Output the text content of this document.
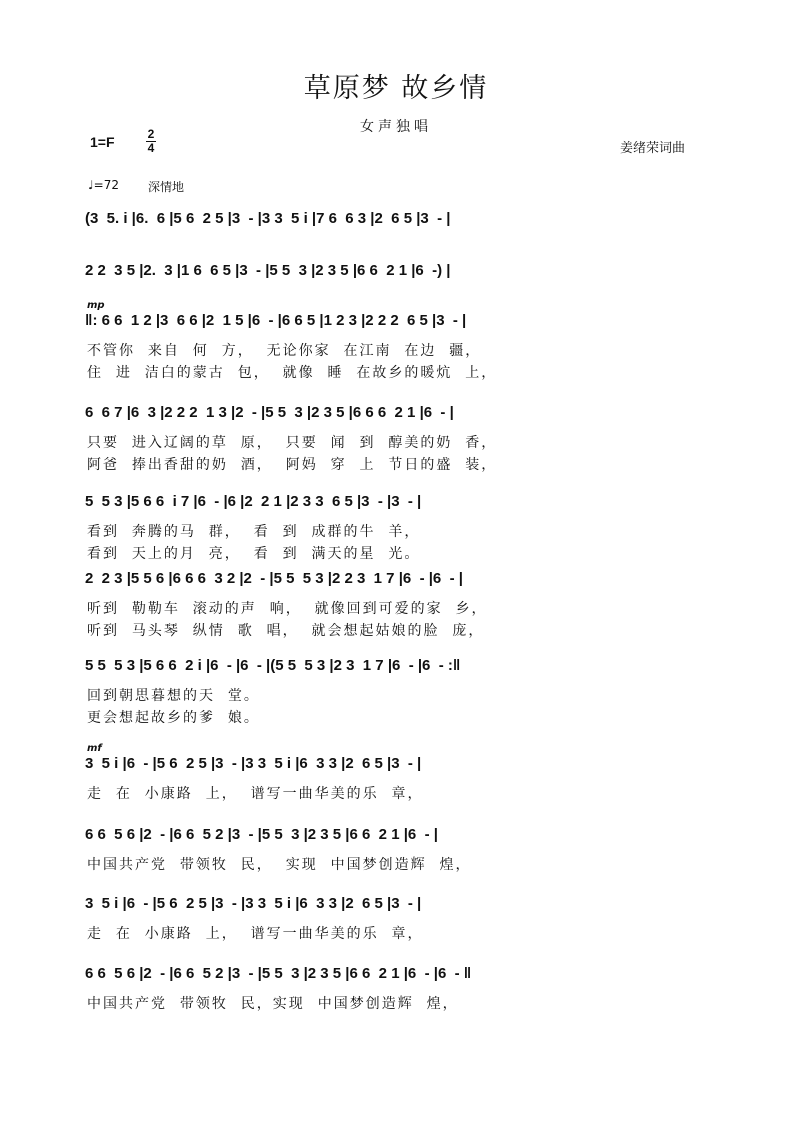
草原梦 故乡情
女声独唱
1=F	2
4	姜绪荣词曲
♩=72 深情地
(3  5. i |6.  6 |5 6  2 5 |3  - |3 3  5 i |7 6  6 3 |2  6 5 |3  - |
2 2  3 5 |2.  3 |1 6  6 5 |3  - |5 5  3 |2 3 5 |6 6  2 1 |6  -) |
mp
‖: 6 6  1 2 |3  6 6 |2  1 5 |6  - |6 6 5 |1 2 3 |2 2 2  6 5 |3  - |
不管你  来自  何  方，  无论你家  在江南  在边  疆，
住  进  洁白的蒙古  包，  就像  睡  在故乡的暖炕  上，
6  6 7 |6  3 |2 2 2  1 3 |2  - |5 5  3 |2 3 5 |6 6 6  2 1 |6  - |
只要  进入辽阔的草  原，  只要  闻  到  醇美的奶  香，
阿爸  捧出香甜的奶  酒，  阿妈  穿  上  节日的盛  装，
5  5 3 |5 6 6  i 7 |6  - |6 |2  2 1 |2 3 3  6 5 |3  - |3  - |
看到  奔腾的马  群，  看  到  成群的牛  羊，
看到  天上的月  亮，  看  到  满天的星  光。
2  2 3 |5 5 6 |6 6 6  3 2 |2  - |5 5  5 3 |2 2 3  1 7 |6  - |6  - |
听到  勒勒车  滚动的声  响，  就像回到可爱的家  乡，
听到  马头琴  纵情  歌  唱，  就会想起姑娘的脸  庞，
5 5  5 3 |5 6 6  2 i |6  - |6  - |(5 5  5 3 |2 3  1 7 |6  - |6  - :‖
回到朝思暮想的天  堂。
更会想起故乡的爹  娘。
mf
3  5 i |6  - |5 6  2 5 |3  - |3 3  5 i |6  3 3 |2  6 5 |3  - |
走  在  小康路  上，  谱写一曲华美的乐  章，
6 6  5 6 |2  - |6 6  5 2 |3  - |5 5  3 |2 3 5 |6 6  2 1 |6  - |
中国共产党  带领牧  民，  实现  中国梦创造辉  煌，
3  5 i |6  - |5 6  2 5 |3  - |3 3  5 i |6  3 3 |2  6 5 |3  - |
走  在  小康路  上，  谱写一曲华美的乐  章，
6 6  5 6 |2  - |6 6  5 2 |3  - |5 5  3 |2 3 5 |6 6  2 1 |6  - |6  - ‖
中国共产党  带领牧  民，实现  中国梦创造辉  煌，
